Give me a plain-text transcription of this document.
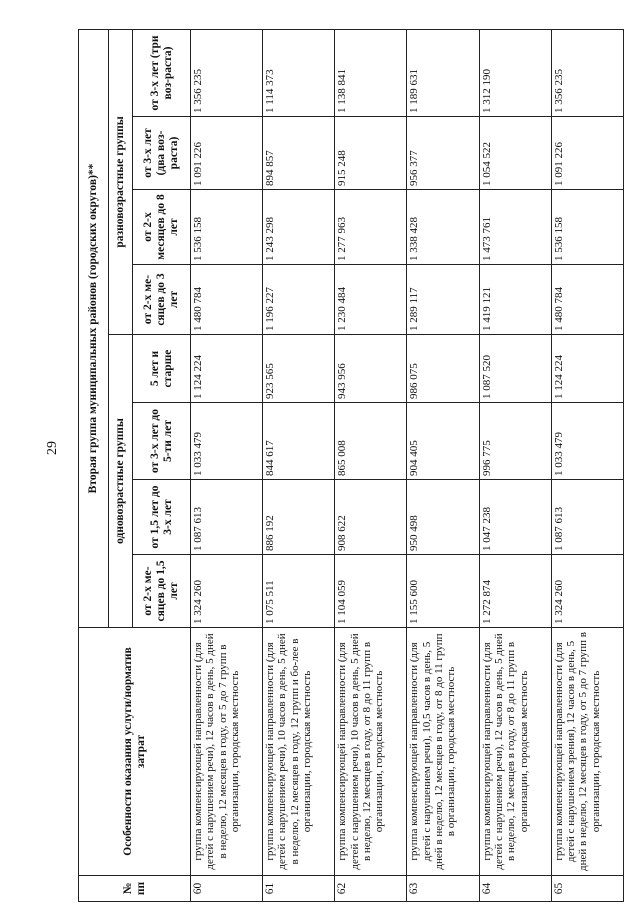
29
№ пп	Особенности оказания услуги/норматив затрат	Вторая группа муниципальных районов (городских округов)**							
		одновозрастные группы				разновозрастные группы			
		от 2-х ме-сяцев до 1,5 лет	от 1,5 лет до 3-х лет	от 3-х лет до 5-ти лет	5 лет и старше	от 2-х ме-сяцев до 3 лет	от 2-х месяцев до 8 лет	от 3-х лет (два воз-раста)	от 3-х лет (три воз-раста)
60	группа компенсирующей направленности (для детей с нарушением речи), 12 часов в день, 5 дней в неделю, 12 месяцев в году, от 5 до 7 групп в организации, городская местность	1 324 260	1 087 613	1 033 479	1 124 224	1 480 784	1 536 158	1 091 226	1 356 235
61	группа компенсирующей направленности (для детей с нарушением речи), 10 часов в день, 5 дней в неделю, 12 месяцев в году, 12 групп и бо-лее в организации, городская местность	1 075 511	886 192	844 617	923 565	1 196 227	1 243 298	894 857	1 114 373
62	группа компенсирующей направленности (для детей с нарушением речи), 10 часов в день, 5 дней в неделю, 12 месяцев в году, от 8 до 11 групп в организации, городская местность	1 104 059	908 622	865 008	943 956	1 230 484	1 277 963	915 248	1 138 841
63	группа компенсирующей направленности (для детей с нарушением речи), 10,5 часов в день, 5 дней в неделю, 12 месяцев в году, от 8 до 11 групп в организации, городская местность	1 155 600	950 498	904 405	986 075	1 289 117	1 338 428	956 377	1 189 631
64	группа компенсирующей направленности (для детей с нарушением речи), 12 часов в день, 5 дней в неделю, 12 месяцев в году, от 8 до 11 групп в организации, городская местность	1 272 874	1 047 238	996 775	1 087 520	1 419 121	1 473 761	1 054 522	1 312 190
65	группа компенсирующей направленности (для детей с нарушением зрения), 12 часов в день, 5 дней в неделю, 12 месяцев в году, от 5 до 7 групп в организации, городская местность	1 324 260	1 087 613	1 033 479	1 124 224	1 480 784	1 536 158	1 091 226	1 356 235
